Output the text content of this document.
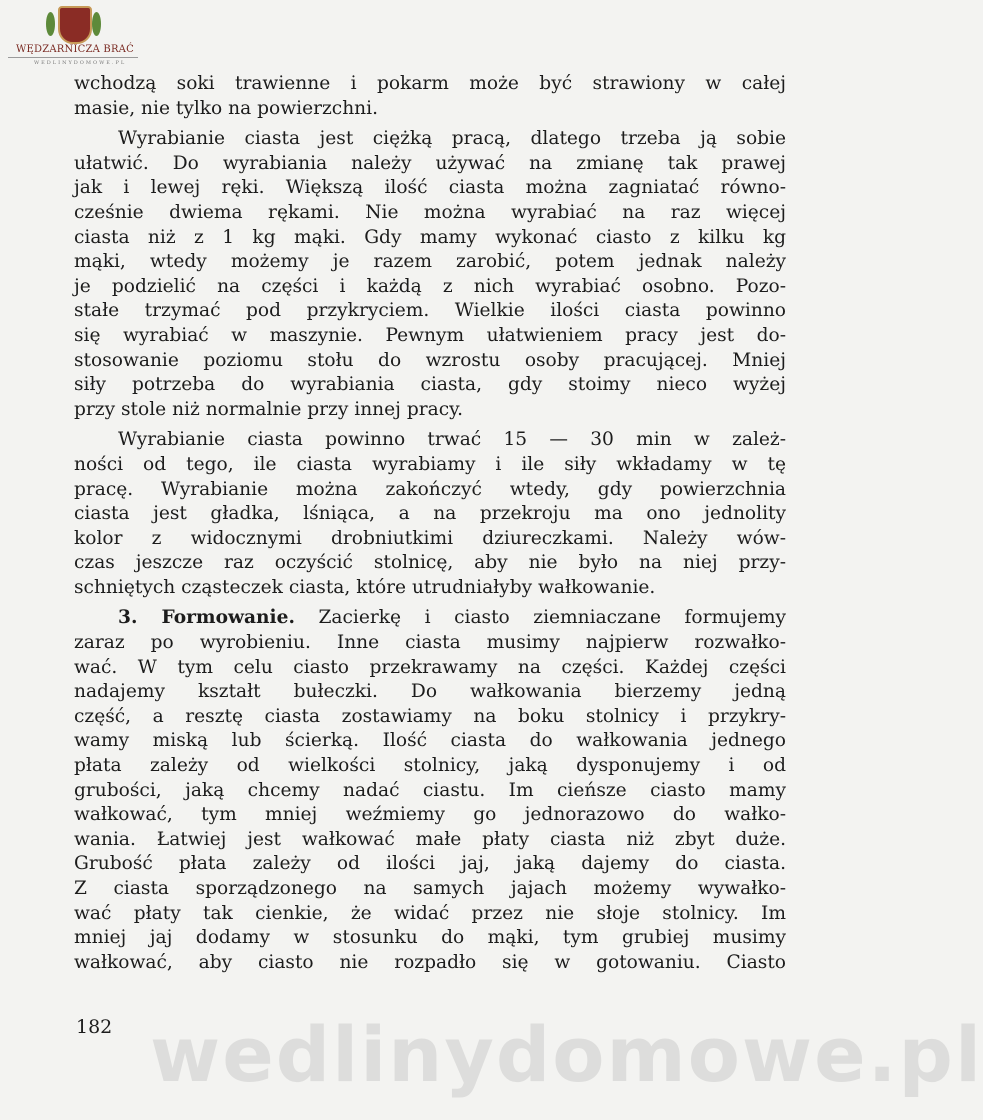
WĘDZARNICZA BRAĆ
WEDLINYDOMOWE.PL
wchodzą soki trawienne i pokarm może być strawiony w całej
masie, nie tylko na powierzchni.
Wyrabianie ciasta jest ciężką pracą, dlatego trzeba ją sobie
ułatwić. Do wyrabiania należy używać na zmianę tak prawej
jak i lewej ręki. Większą ilość ciasta można zagniatać równo-
cześnie dwiema rękami. Nie można wyrabiać na raz więcej
ciasta niż z 1 kg mąki. Gdy mamy wykonać ciasto z kilku kg
mąki, wtedy możemy je razem zarobić, potem jednak należy
je podzielić na części i każdą z nich wyrabiać osobno. Pozo-
stałe trzymać pod przykryciem. Wielkie ilości ciasta powinno
się wyrabiać w maszynie. Pewnym ułatwieniem pracy jest do-
stosowanie poziomu stołu do wzrostu osoby pracującej. Mniej
siły potrzeba do wyrabiania ciasta, gdy stoimy nieco wyżej
przy stole niż normalnie przy innej pracy.
Wyrabianie ciasta powinno trwać 15 — 30 min w zależ-
ności od tego, ile ciasta wyrabiamy i ile siły wkładamy w tę
pracę. Wyrabianie można zakończyć wtedy, gdy powierzchnia
ciasta jest gładka, lśniąca, a na przekroju ma ono jednolity
kolor z widocznymi drobniutkimi dziureczkami. Należy wów-
czas jeszcze raz oczyścić stolnicę, aby nie było na niej przy-
schniętych cząsteczek ciasta, które utrudniałyby wałkowanie.
3. Formowanie. Zacierkę i ciasto ziemniaczane formujemy
zaraz po wyrobieniu. Inne ciasta musimy najpierw rozwałko-
wać. W tym celu ciasto przekrawamy na części. Każdej części
nadajemy kształt bułeczki. Do wałkowania bierzemy jedną
część, a resztę ciasta zostawiamy na boku stolnicy i przykry-
wamy miską lub ścierką. Ilość ciasta do wałkowania jednego
płata zależy od wielkości stolnicy, jaką dysponujemy i od
grubości, jaką chcemy nadać ciastu. Im cieńsze ciasto mamy
wałkować, tym mniej weźmiemy go jednorazowo do wałko-
wania. Łatwiej jest wałkować małe płaty ciasta niż zbyt duże.
Grubość płata zależy od ilości jaj, jaką dajemy do ciasta.
Z ciasta sporządzonego na samych jajach możemy wywałko-
wać płaty tak cienkie, że widać przez nie słoje stolnicy. Im
mniej jaj dodamy w stosunku do mąki, tym grubiej musimy
wałkować, aby ciasto nie rozpadło się w gotowaniu. Ciasto
182 wedlinydomowe.pl
